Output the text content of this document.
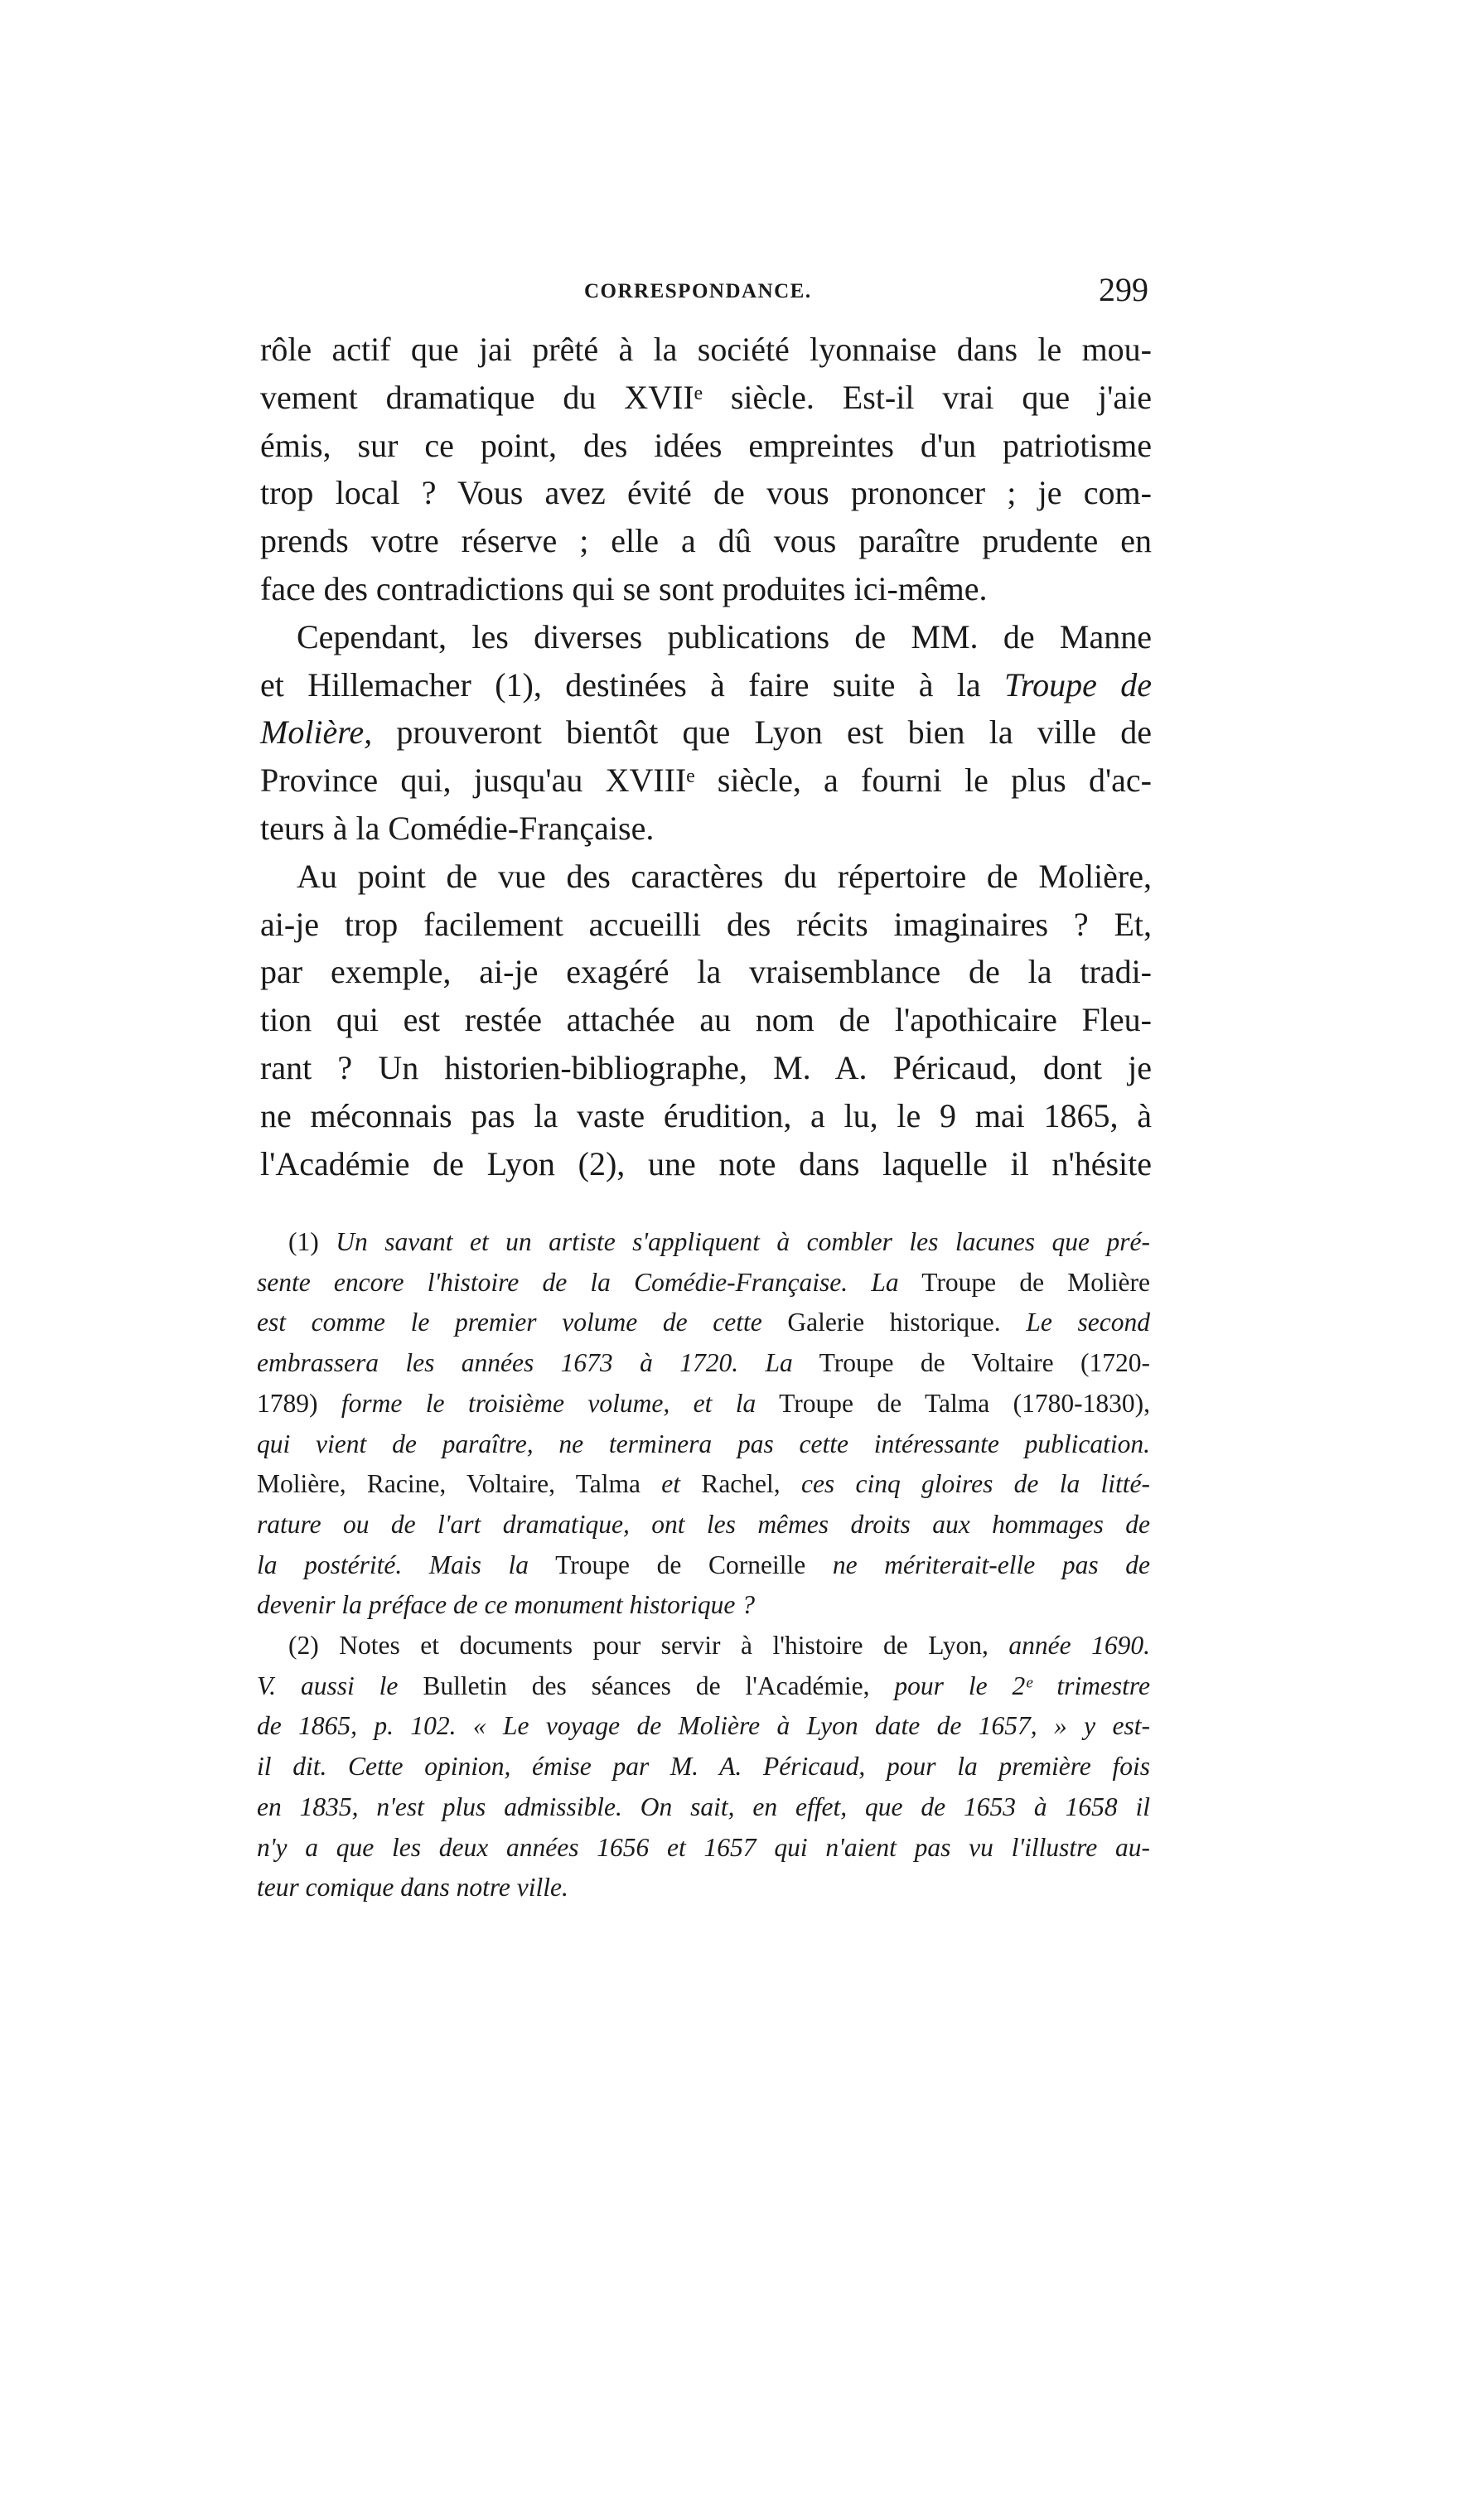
CORRESPONDANCE.	299
rôle actif que jai prêté à la société lyonnaise dans le mou-
vement dramatique du XVIIᵉ siècle. Est-il vrai que j'aie
émis, sur ce point, des idées empreintes d'un patriotisme
trop local ? Vous avez évité de vous prononcer ; je com-
prends votre réserve ; elle a dû vous paraître prudente en
face des contradictions qui se sont produites ici-même.
Cependant, les diverses publications de MM. de Manne
et Hillemacher (1), destinées à faire suite à la Troupe de
Molière, prouveront bientôt que Lyon est bien la ville de
Province qui, jusqu'au XVIIIᵉ siècle, a fourni le plus d'ac-
teurs à la Comédie-Française.
Au point de vue des caractères du répertoire de Molière,
ai-je trop facilement accueilli des récits imaginaires ? Et,
par exemple, ai-je exagéré la vraisemblance de la tradi-
tion qui est restée attachée au nom de l'apothicaire Fleu-
rant ? Un historien-bibliographe, M. A. Péricaud, dont je
ne méconnais pas la vaste érudition, a lu, le 9 mai 1865, à
l'Académie de Lyon (2), une note dans laquelle il n'hésite
(1) Un savant et un artiste s'appliquent à combler les lacunes que pré-
sente encore l'histoire de la Comédie-Française. La Troupe de Molière
est comme le premier volume de cette Galerie historique. Le second
embrassera les années 1673 à 1720. La Troupe de Voltaire (1720-
1789) forme le troisième volume, et la Troupe de Talma (1780-1830),
qui vient de paraître, ne terminera pas cette intéressante publication.
Molière, Racine, Voltaire, Talma et Rachel, ces cinq gloires de la litté-
rature ou de l'art dramatique, ont les mêmes droits aux hommages de
la postérité. Mais la Troupe de Corneille ne mériterait-elle pas de
devenir la préface de ce monument historique ?
(2) Notes et documents pour servir à l'histoire de Lyon, année 1690.
V. aussi le Bulletin des séances de l'Académie, pour le 2ᵉ trimestre
de 1865, p. 102. « Le voyage de Molière à Lyon date de 1657, » y est-
il dit. Cette opinion, émise par M. A. Péricaud, pour la première fois
en 1835, n'est plus admissible. On sait, en effet, que de 1653 à 1658 il
n'y a que les deux années 1656 et 1657 qui n'aient pas vu l'illustre au-
teur comique dans notre ville.
